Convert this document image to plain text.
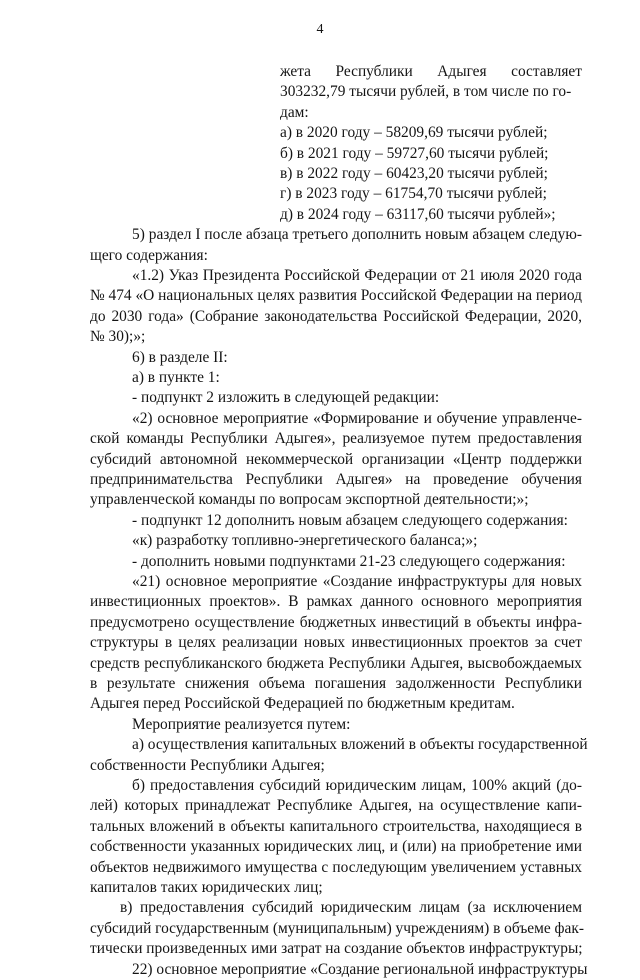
4
жета Республики Адыгея составляет
303232,79 тысячи рублей, в том числе по го-
дам:
а) в 2020 году – 58209,69 тысячи рублей;
б) в 2021 году – 59727,60 тысячи рублей;
в) в 2022 году – 60423,20 тысячи рублей;
г) в 2023 году – 61754,70 тысячи рублей;
д) в 2024 году – 63117,60 тысячи рублей»;
5) раздел I после абзаца третьего дополнить новым абзацем следую-
щего содержания:
«1.2) Указ Президента Российской Федерации от 21 июля 2020 года
№ 474 «О национальных целях развития Российской Федерации на период
до 2030 года» (Собрание законодательства Российской Федерации, 2020,
№ 30);»;
6) в разделе II:
а) в пункте 1:
- подпункт 2 изложить в следующей редакции:
«2) основное мероприятие «Формирование и обучение управленче-
ской команды Республики Адыгея», реализуемое путем предоставления
субсидий автономной некоммерческой организации «Центр поддержки
предпринимательства Республики Адыгея» на проведение обучения
управленческой команды по вопросам экспортной деятельности;»;
- подпункт 12 дополнить новым абзацем следующего содержания:
«к) разработку топливно-энергетического баланса;»;
- дополнить новыми подпунктами 21-23 следующего содержания:
«21) основное мероприятие «Создание инфраструктуры для новых
инвестиционных проектов». В рамках данного основного мероприятия
предусмотрено осуществление бюджетных инвестиций в объекты инфра-
структуры в целях реализации новых инвестиционных проектов за счет
средств республиканского бюджета Республики Адыгея, высвобождаемых
в результате снижения объема погашения задолженности Республики
Адыгея перед Российской Федерацией по бюджетным кредитам.
Мероприятие реализуется путем:
а) осуществления капитальных вложений в объекты государственной
собственности Республики Адыгея;
б) предоставления субсидий юридическим лицам, 100% акций (до-
лей) которых принадлежат Республике Адыгея, на осуществление капи-
тальных вложений в объекты капитального строительства, находящиеся в
собственности указанных юридических лиц, и (или) на приобретение ими
объектов недвижимого имущества с последующим увеличением уставных
капиталов таких юридических лиц;
в) предоставления субсидий юридическим лицам (за исключением
субсидий государственным (муниципальным) учреждениям) в объеме фак-
тически произведенных ими затрат на создание объектов инфраструктуры;
22) основное мероприятие «Создание региональной инфраструктуры
